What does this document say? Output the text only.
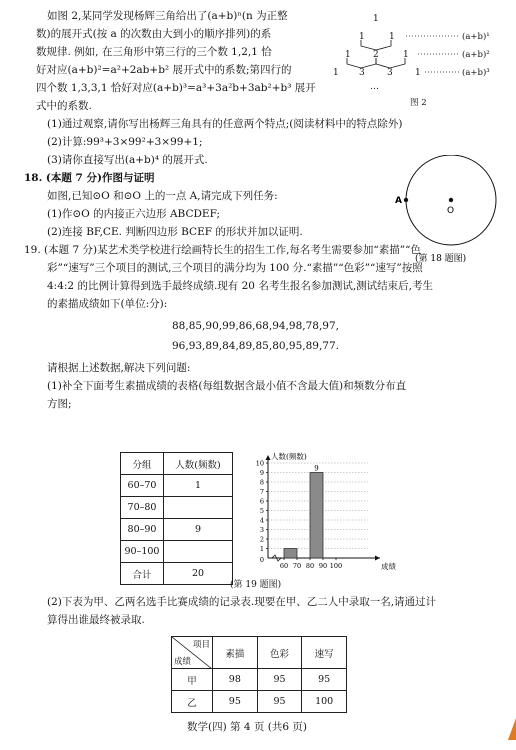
如图 2,某同学发现杨辉三角给出了(a+b)ⁿ(n 为正整
数)的展开式(按 a 的次数由大到小的顺序排列)的系
数规律. 例如, 在三角形中第三行的三个数 1,2,1 恰
好对应(a+b)²=a²+2ab+b² 展开式中的系数;第四行的
四个数 1,3,3,1 恰好对应(a+b)³=a³+3a²b+3ab²+b³ 展开
式中的系数.
1
1	1
1 2	1
1 3 3 1
…
(a+b)¹
(a+b)²
(a+b)³
图 2
(1)通过观察,请你写出杨辉三角具有的任意两个特点;(阅读材料中的特点除外)
(2)计算:99³+3×99²+3×99+1;
(3)请你直接写出(a+b)⁴ 的展开式.
18. (本题 7 分)作图与证明
如图,已知⊙O 和⊙O 上的一点 A,请完成下列任务:
(1)作⊙O 的内接正六边形 ABCDEF;
(2)连接 BF,CE. 判断四边形 BCEF 的形状并加以证明.
A
O
(第 18 题图)
19. (本题 7 分)某艺术类学校进行绘画特长生的招生工作,每名考生需要参加“素描”“色
彩”“速写”三个项目的测试,三个项目的满分均为 100 分.“素描”“色彩”“速写”按照
4:4:2 的比例计算得到选手最终成绩.现有 20 名考生报名参加测试,测试结束后,考生
的素描成绩如下(单位:分):
88,85,90,99,86,68,94,98,78,97,
96,93,89,84,89,85,80,95,89,77.
请根据上述数据,解决下列问题:
(1)补全下面考生素描成绩的表格(每组数据含最小值不含最大值)和频数分布直
方图;
分组	人数(频数)
60–70	1
70–80	
80–90	9
90–100	
合计	20
1
2
3
4
5
6
7
8
9
10
9
60 70 80 90 100
0
人数(频数)
成绩
(第 19 题图)
(2)下表为甲、乙两名选手比赛成绩的记录表.现要在甲、乙二人中录取一名,请通过计
算得出谁最终被录取.
项目
成绩	素描	色彩	速写
甲	98	95	95
乙	95	95	100
数学(四) 第 4 页 (共6 页)
